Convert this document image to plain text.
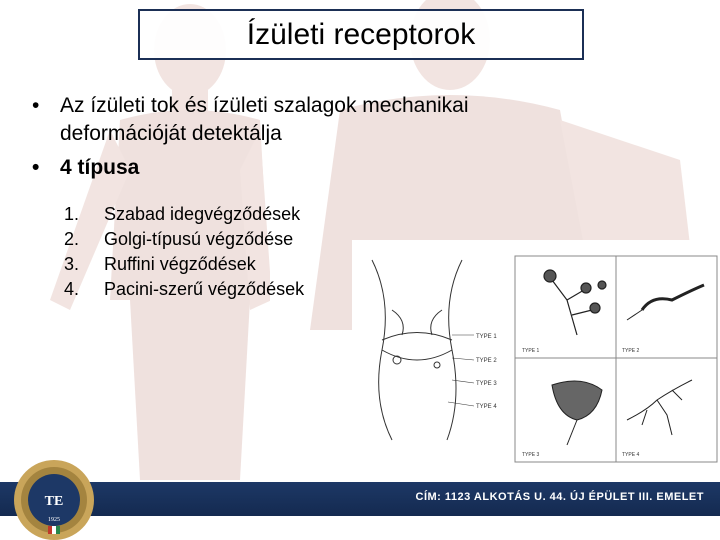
Ízületi receptorok
• Az ízületi tok és ízületi szalagok mechanikai deformációját detektálja
• 4 típusa
1.	Szabad idegvégződések
2.	Golgi-típusú végződése
3.	Ruffini végződések
4.	Pacini-szerű végződések
TYPE 1
TYPE 2
TYPE 3
TYPE 4
TYPE 1	TYPE 2
TYPE 3	TYPE 4
CÍM: 1123 ALKOTÁS U. 44. ÚJ ÉPÜLET III. EMELET
TE
1925
